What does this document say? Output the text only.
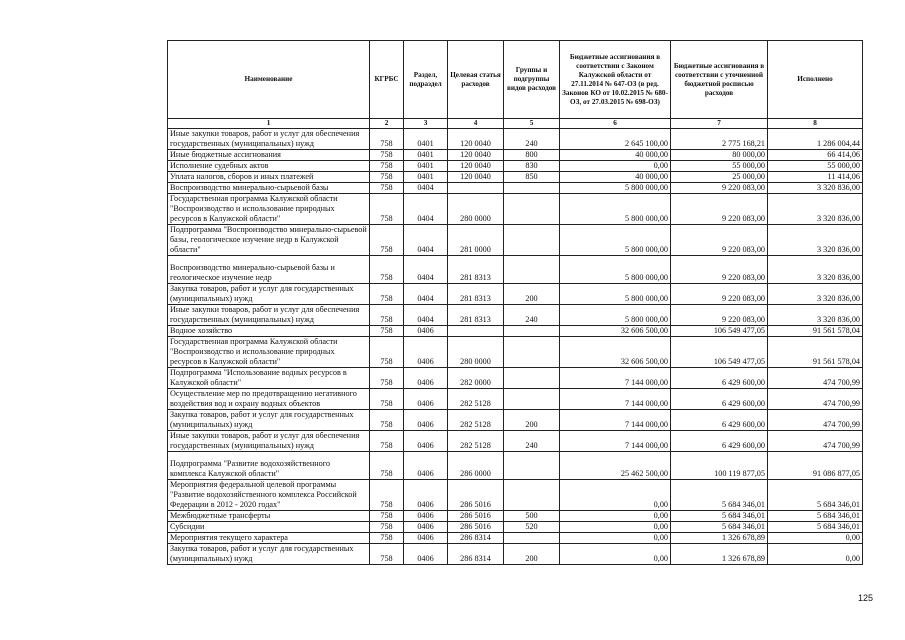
Наименование	КГРБС	Раздел, подраздел	Целевая статья расходов	Группы и подгруппы видов расходов	Бюджетные ассигнования в соответствии с Законом Калужской области от 27.11.2014 № 647-ОЗ (в ред. Законов КО от 10.02.2015 № 680-ОЗ, от 27.03.2015 № 698-ОЗ)	Бюджетные ассигнования в соответствии с уточненной бюджетной росписью расходов	Исполнено
1	2	3	4	5	6	7	8
Иные закупки товаров, работ и услуг для обеспечения государственных (муниципальных) нужд	758	0401	120 0040	240	2 645 100,00	2 775 168,21	1 286 004,44
Иные бюджетные ассигнования	758	0401	120 0040	800	40 000,00	80 000,00	66 414,06
Исполнение судебных актов	758	0401	120 0040	830	0,00	55 000,00	55 000,00
Уплата налогов, сборов и иных платежей	758	0401	120 0040	850	40 000,00	25 000,00	11 414,06
Воспроизводство минерально-сырьевой базы	758	0404			5 800 000,00	9 220 083,00	3 320 836,00
Государственная программа Калужской области "Воспроизводство и использование природных ресурсов в Калужской области"	758	0404	280 0000		5 800 000,00	9 220 083,00	3 320 836,00
Подпрограмма "Воспроизводство минерально-сырьевой базы, геологическое изучение недр в Калужской области"	758	0404	281 0000		5 800 000,00	9 220 083,00	3 320 836,00
Воспроизводство минерально-сырьевой базы и геологическое изучение недр	758	0404	281 8313		5 800 000,00	9 220 083,00	3 320 836,00
Закупка товаров, работ и услуг для государственных (муниципальных) нужд	758	0404	281 8313	200	5 800 000,00	9 220 083,00	3 320 836,00
Иные закупки товаров, работ и услуг для обеспечения государственных (муниципальных) нужд	758	0404	281 8313	240	5 800 000,00	9 220 083,00	3 320 836,00
Водное хозяйство	758	0406			32 606 500,00	106 549 477,05	91 561 578,04
Государственная программа Калужской области "Воспроизводство и использование природных ресурсов в Калужской области"	758	0406	280 0000		32 606 500,00	106 549 477,05	91 561 578,04
Подпрограмма "Использование водных ресурсов в Калужской области"	758	0406	282 0000		7 144 000,00	6 429 600,00	474 700,99
Осуществление мер по предотвращению негативного воздействия вод и охрану водных объектов	758	0406	282 5128		7 144 000,00	6 429 600,00	474 700,99
Закупка товаров, работ и услуг для государственных (муниципальных) нужд	758	0406	282 5128	200	7 144 000,00	6 429 600,00	474 700,99
Иные закупки товаров, работ и услуг для обеспечения государственных (муниципальных) нужд	758	0406	282 5128	240	7 144 000,00	6 429 600,00	474 700,99
Подпрограмма "Развитие водохозяйственного комплекса Калужской области"	758	0406	286 0000		25 462 500,00	100 119 877,05	91 086 877,05
Мероприятия федеральной целевой программы "Развитие водохозяйственного комплекса Российской Федерации в 2012 - 2020 годах"	758	0406	286 5016		0,00	5 684 346,01	5 684 346,01
Межбюджетные трансферты	758	0406	286 5016	500	0,00	5 684 346,01	5 684 346,01
Субсидии	758	0406	286 5016	520	0,00	5 684 346,01	5 684 346,01
Мероприятия текущего характера	758	0406	286 8314		0,00	1 326 678,89	0,00
Закупка товаров, работ и услуг для государственных (муниципальных) нужд	758	0406	286 8314	200	0,00	1 326 678,89	0,00
125
